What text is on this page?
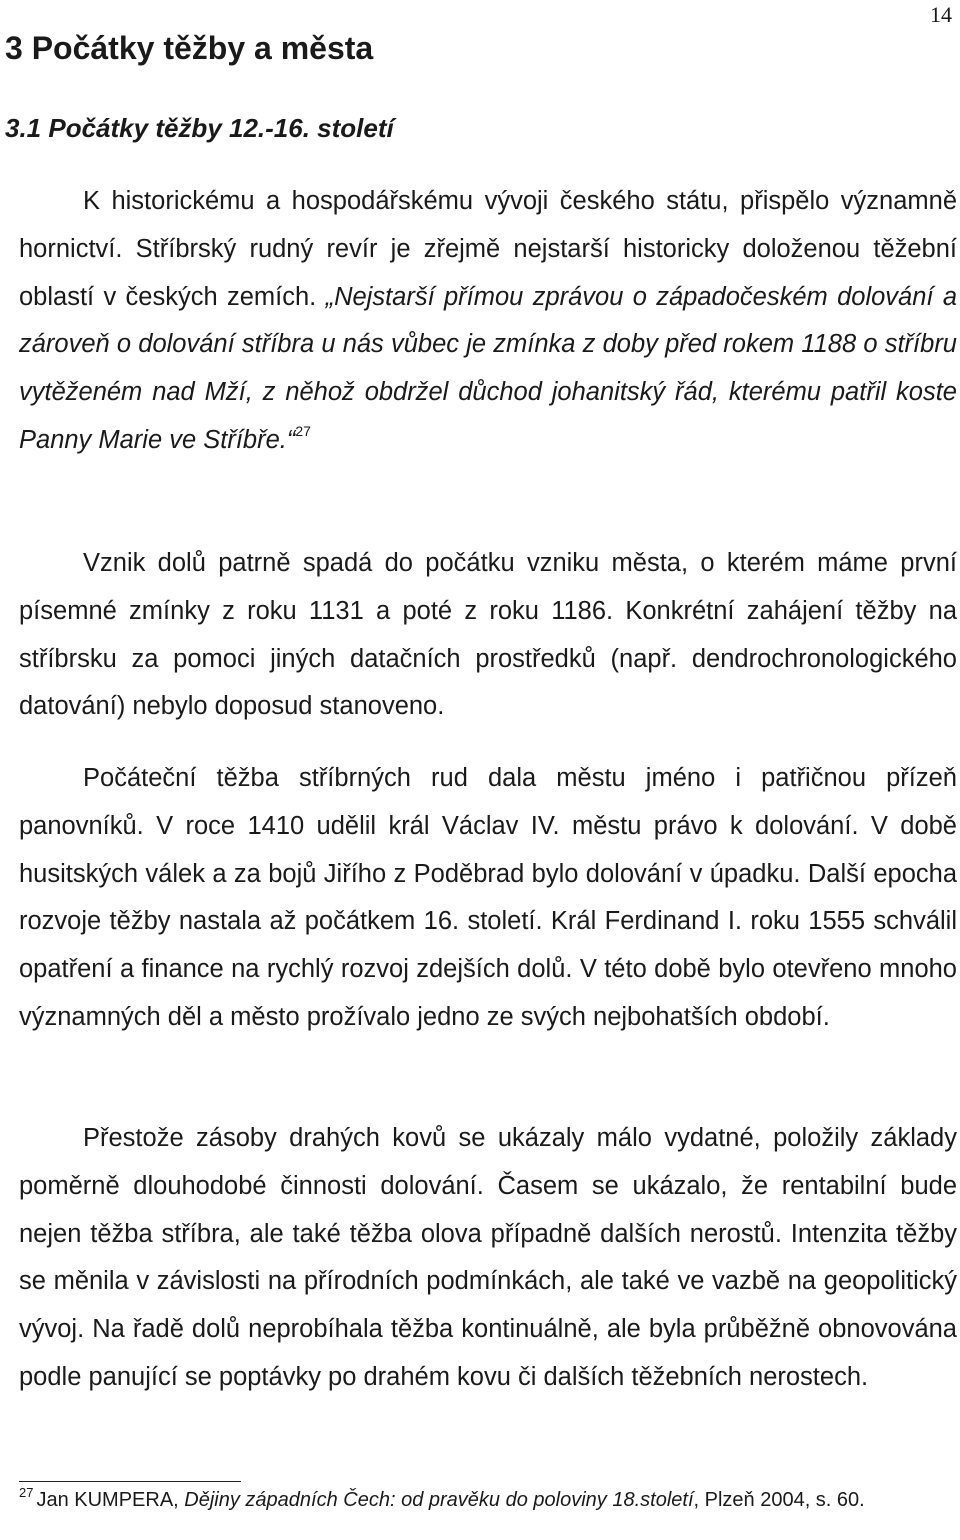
14
3 Počátky těžby a města
3.1 Počátky těžby 12.-16. století

K historickému a hospodářskému vývoji českého státu, přispělo významně hornictví. Stříbrský rudný revír je zřejmě nejstarší historicky doloženou těžební oblastí v českých zemích. „Nejstarší přímou zprávou o západočeském dolování a zároveň o dolování stříbra u nás vůbec je zmínka z doby před rokem 1188 o stříbru vytěženém nad Mží, z něhož obdržel důchod johanitský řád, kterému patřil koste Panny Marie ve Stříbře.“$^{27}$

Vznik dolů patrně spadá do počátku vzniku města, o kterém máme první písemné zmínky z roku 1131 a poté z roku 1186. Konkrétní zahájení těžby na stříbrsku za pomoci jiných datačních prostředků (např. dendrochronologického datování) nebylo doposud stanoveno.

Počáteční těžba stříbrných rud dala městu jméno i patřičnou přízeň panovníků. V roce 1410 udělil král Václav IV. městu právo k dolování. V době husitských válek a za bojů Jiřího z Poděbrad bylo dolování v úpadku. Další epocha rozvoje těžby nastala až počátkem 16. století. Král Ferdinand I. roku 1555 schválil opatření a finance na rychlý rozvoj zdejších dolů. V této době bylo otevřeno mnoho významných děl a město prožívalo jedno ze svých nejbohatších období.

Přestože zásoby drahých kovů se ukázaly málo vydatné, položily základy poměrně dlouhodobé činnosti dolování. Časem se ukázalo, že rentabilní bude nejen těžba stříbra, ale také těžba olova případně dalších nerostů. Intenzita těžby se měnila v závislosti na přírodních podmínkách, ale také ve vazbě na geopolitický vývoj. Na řadě dolů neprobíhala těžba kontinuálně, ale byla průběžně obnovována podle panující se poptávky po drahém kovu či dalších těžebních nerostech.

$^{27}$ Jan KUMPERA, Dějiny západních Čech: od pravěku do poloviny 18.století, Plzeň 2004, s. 60.
